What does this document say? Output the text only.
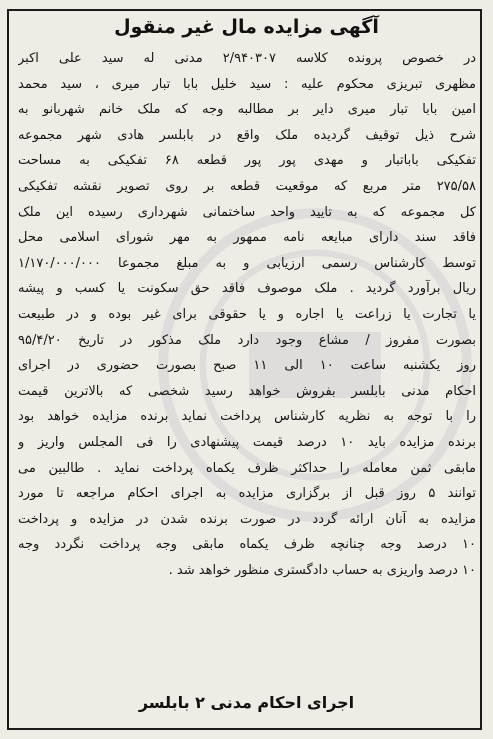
آگهی مزایده مال غیر منقول
در خصوص پرونده کلاسه ۲/۹۴۰۳۰۷ مدنی له سید علی اکبر
مظهری تبریزی محکوم علیه : سید خلیل بابا تبار میری ، سید محمد
امین بابا تبار میری دایر بر مطالبه وجه که ملک خانم شهربانو به
شرح ذیل توقیف گردیده ملک واقع در بابلسر هادی شهر مجموعه
تفکیکی باباتبار و مهدی پور پور قطعه ۶۸ تفکیکی به مساحت
۲۷۵/۵۸ متر مربع که موقعیت قطعه بر روی تصویر نقشه تفکیکی
کل مجموعه که به تایید واحد ساختمانی شهرداری رسیده این ملک
فاقد سند دارای مبایعه نامه ممهور به مهر شورای اسلامی محل
توسط کارشناس رسمی ارزیابی و به مبلغ مجموعا ۱/۱۷۰/۰۰۰/۰۰۰
ریال برآورد گردید . ملک موصوف فاقد حق سکونت یا کسب و پیشه
یا تجارت یا زراعت یا اجاره و یا حقوقی برای غیر بوده و در طبیعت
بصورت مفروز / مشاع وجود دارد ملک مذکور در تاریخ ۹۵/۴/۲۰
روز یکشنبه ساعت ۱۰ الی ۱۱ صبح بصورت حضوری در اجرای
احکام مدنی بابلسر بفروش خواهد رسید شخصی که بالاترین قیمت
را با توجه به نظریه کارشناس پرداخت نماید برنده مزایده خواهد بود
برنده مزایده باید ۱۰ درصد قیمت پیشنهادی را فی المجلس واریز و
مابقی ثمن معامله را حداکثر ظرف یکماه پرداخت نماید . طالبین می
توانند ۵ روز قبل از برگزاری مزایده به اجرای احکام مراجعه تا مورد
مزایده به آنان ارائه گردد در صورت برنده شدن در مزایده و پرداخت
۱۰ درصد وجه چنانچه ظرف یکماه مابقی وجه پرداخت نگردد وجه
۱۰ درصد واریزی به حساب دادگستری منظور خواهد شد .
اجرای احکام مدنی ۲ بابلسر
